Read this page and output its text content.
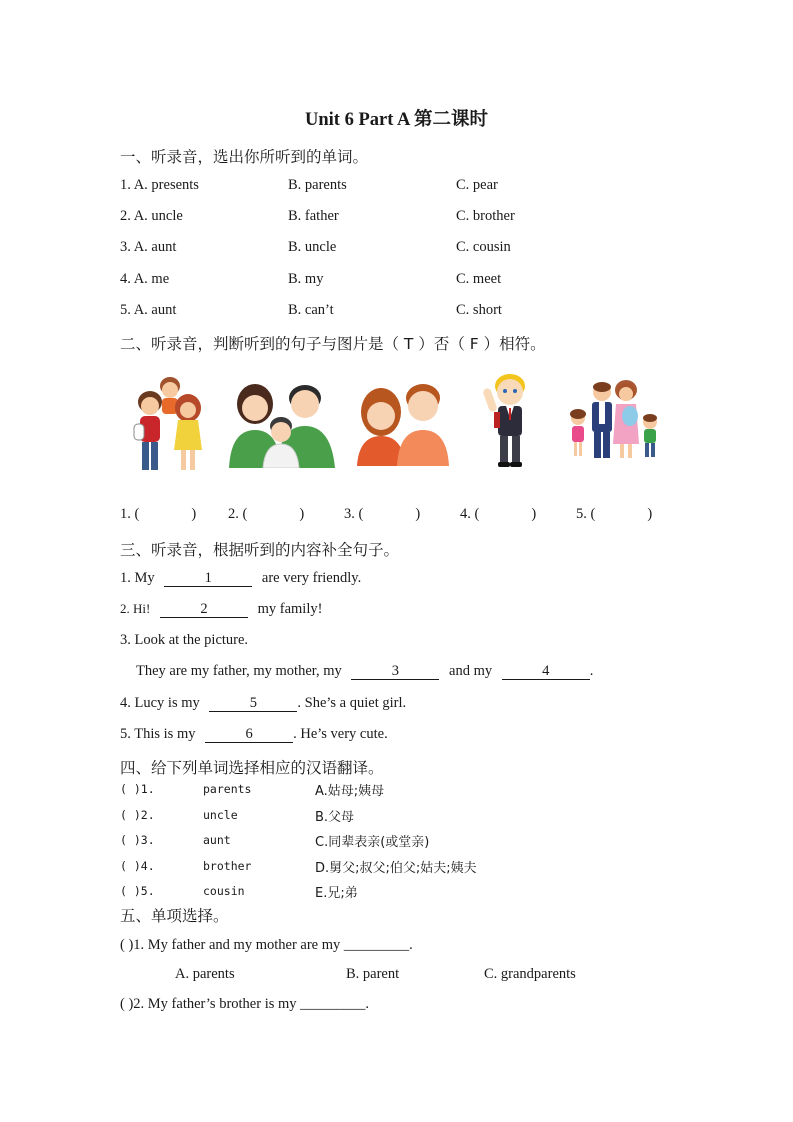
Unit 6 Part A 第二课时
一、听录音，选出你所听到的单词。
1. A. presents	B. parents	C. pear
2. A. uncle	B. father	C. brother
3. A. aunt	B. uncle	C. cousin
4. A. me	B. my	C. meet
5. A. aunt	B. can’t	C. short
二、听录音，判断听到的句子与图片是（ T ）否（ F ）相符。
1. (	) 2. (	)	3. (	)	4. (	)	5. (	)
三、听录音，根据听到的内容补全句子。
1. My	1	are very friendly.
2. Hi!	2	my family!
3. Look at the picture.
They are my father, my mother, my	3	and my	4	.
4. Lucy is my	5	. She’s a quiet girl.
5. This is my	6	. He’s very cute.
四、给下列单词选择相应的汉语翻译。
( )1.	parents	A.姑母;姨母
( )2.	uncle	B.父母
( )3.	aunt	C.同辈表亲(或堂亲)
( )4.	brother	D.舅父;叔父;伯父;姑夫;姨夫
( )5.	cousin	E.兄;弟
五、单项选择。
( )1. My father and my mother are my _________.
A. parents	B. parent	C. grandparents
( )2. My father’s brother is my _________.
